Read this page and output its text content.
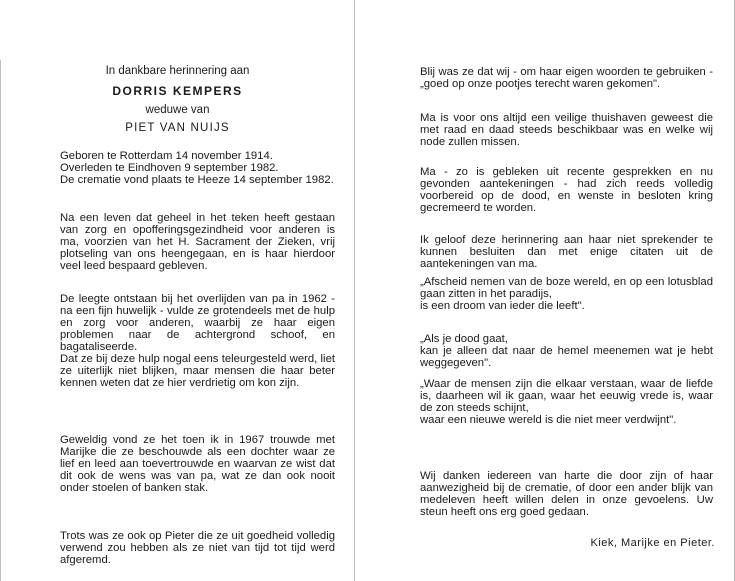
In dankbare herinnering aan
DORRIS KEMPERS
weduwe van
PIET VAN NUIJS
Geboren te Rotterdam 14 november 1914.
Overleden te Eindhoven 9 september 1982.
De crematie vond plaats te Heeze 14 september 1982.
Na een leven dat geheel in het teken heeft gestaan van zorg en opofferingsgezindheid voor anderen is ma, voorzien van het H. Sacrament der Zieken, vrij plotseling van ons heengegaan, en is haar hierdoor veel leed bespaard gebleven.
De leegte ontstaan bij het overlijden van pa in 1962 - na een fijn huwelijk - vulde ze grotendeels met de hulp en zorg voor anderen, waarbij ze haar eigen problemen naar de achtergrond schoof, en bagataliseerde.
Dat ze bij deze hulp nogal eens teleurgesteld werd, liet ze uiterlijk niet blijken, maar mensen die haar beter kennen weten dat ze hier verdrietig om kon zijn.
Geweldig vond ze het toen ik in 1967 trouwde met Marijke die ze beschouwde als een dochter waar ze lief en leed aan toevertrouwde en waarvan ze wist dat dit ook de wens was van pa, wat ze dan ook nooit onder stoelen of banken stak.
Trots was ze ook op Pieter die ze uit goedheid volledig verwend zou hebben als ze niet van tijd tot tijd werd afgeremd.
Blij was ze dat wij - om haar eigen woorden te gebruiken - „goed op onze pootjes terecht waren gekomen".
Ma is voor ons altijd een veilige thuishaven geweest die met raad en daad steeds beschikbaar was en welke wij node zullen missen.
Ma - zo is gebleken uit recente gesprekken en nu gevonden aantekeningen - had zich reeds volledig voorbereid op de dood, en wenste in besloten kring gecremeerd te worden.
Ik geloof deze herinnering aan haar niet sprekender te kunnen besluiten dan met enige citaten uit de aantekeningen van ma.
„Afscheid nemen van de boze wereld, en op een lotusblad gaan zitten in het paradijs,
is een droom van ieder die leeft".
„Als je dood gaat,
kan je alleen dat naar de hemel meenemen wat je hebt weggegeven".
„Waar de mensen zijn die elkaar verstaan, waar de liefde is, daarheen wil ik gaan, waar het eeuwig vrede is, waar de zon steeds schijnt,
waar een nieuwe wereld is die niet meer verdwijnt".
Wij danken iedereen van harte die door zijn of haar aanwezigheid bij de crematie, of door een ander blijk van medeleven heeft willen delen in onze gevoelens. Uw steun heeft ons erg goed gedaan.
Kiek, Marijke en Pieter.
